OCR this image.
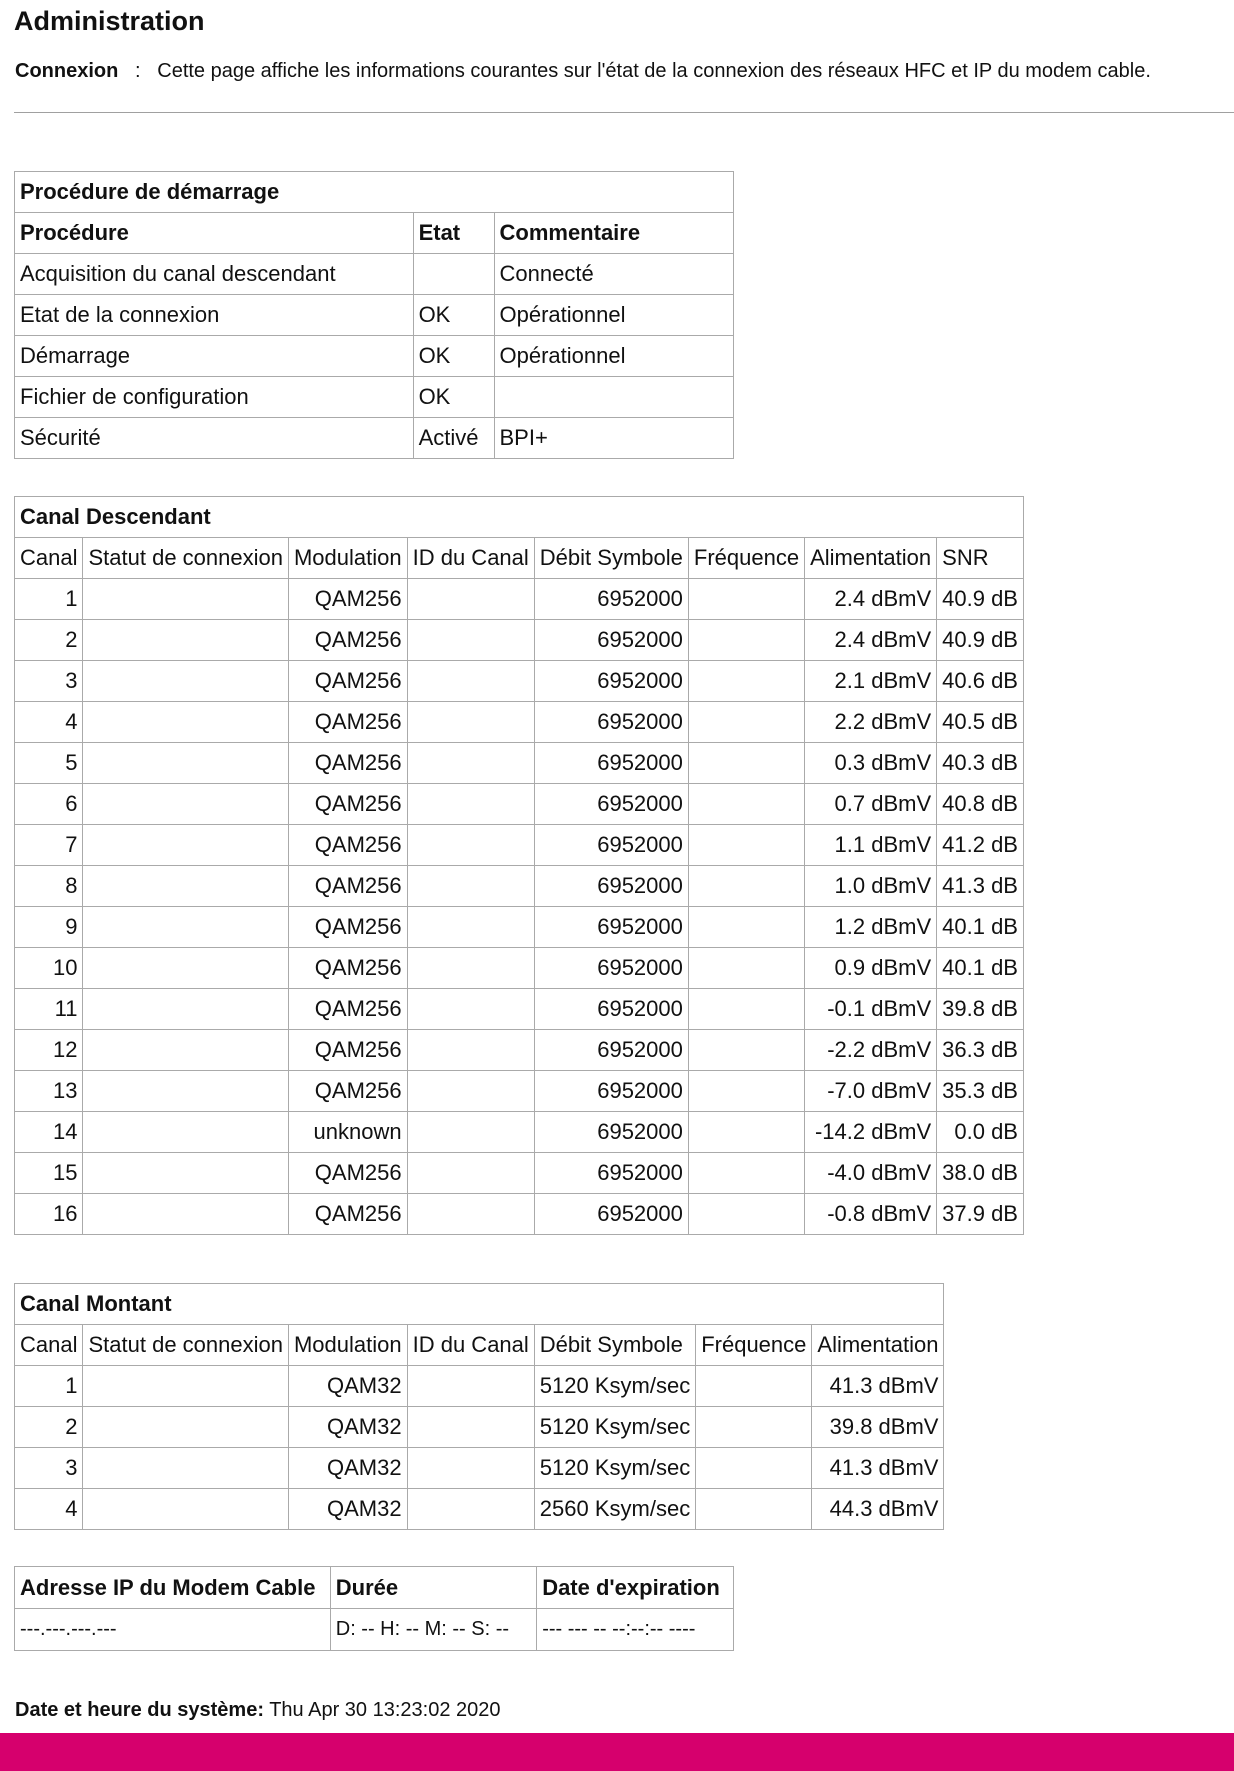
Administration
Connexion : Cette page affiche les informations courantes sur l'état de la connexion des réseaux HFC et IP du modem cable.
Procédure de démarrage		
Procédure	Etat	Commentaire
Acquisition du canal descendant		Connecté
Etat de la connexion	OK	Opérationnel
Démarrage	OK	Opérationnel
Fichier de configuration	OK	
Sécurité	Activé	BPI+
Canal Descendant							
Canal	Statut de connexion	Modulation	ID du Canal	Débit Symbole	Fréquence	Alimentation	SNR
1		QAM256		6952000		2.4 dBmV	40.9 dB
2		QAM256		6952000		2.4 dBmV	40.9 dB
3		QAM256		6952000		2.1 dBmV	40.6 dB
4		QAM256		6952000		2.2 dBmV	40.5 dB
5		QAM256		6952000		0.3 dBmV	40.3 dB
6		QAM256		6952000		0.7 dBmV	40.8 dB
7		QAM256		6952000		1.1 dBmV	41.2 dB
8		QAM256		6952000		1.0 dBmV	41.3 dB
9		QAM256		6952000		1.2 dBmV	40.1 dB
10		QAM256		6952000		0.9 dBmV	40.1 dB
11		QAM256		6952000		-0.1 dBmV	39.8 dB
12		QAM256		6952000		-2.2 dBmV	36.3 dB
13		QAM256		6952000		-7.0 dBmV	35.3 dB
14		unknown		6952000		-14.2 dBmV	0.0 dB
15		QAM256		6952000		-4.0 dBmV	38.0 dB
16		QAM256		6952000		-0.8 dBmV	37.9 dB
Canal Montant						
Canal	Statut de connexion	Modulation	ID du Canal	Débit Symbole	Fréquence	Alimentation
1		QAM32		5120 Ksym/sec		41.3 dBmV
2		QAM32		5120 Ksym/sec		39.8 dBmV
3		QAM32		5120 Ksym/sec		41.3 dBmV
4		QAM32		2560 Ksym/sec		44.3 dBmV
Adresse IP du Modem Cable	Durée	Date d'expiration
---.---.---.---	D: -- H: -- M: -- S: --	--- --- -- --:--:-- ----
Date et heure du système: Thu Apr 30 13:23:02 2020
